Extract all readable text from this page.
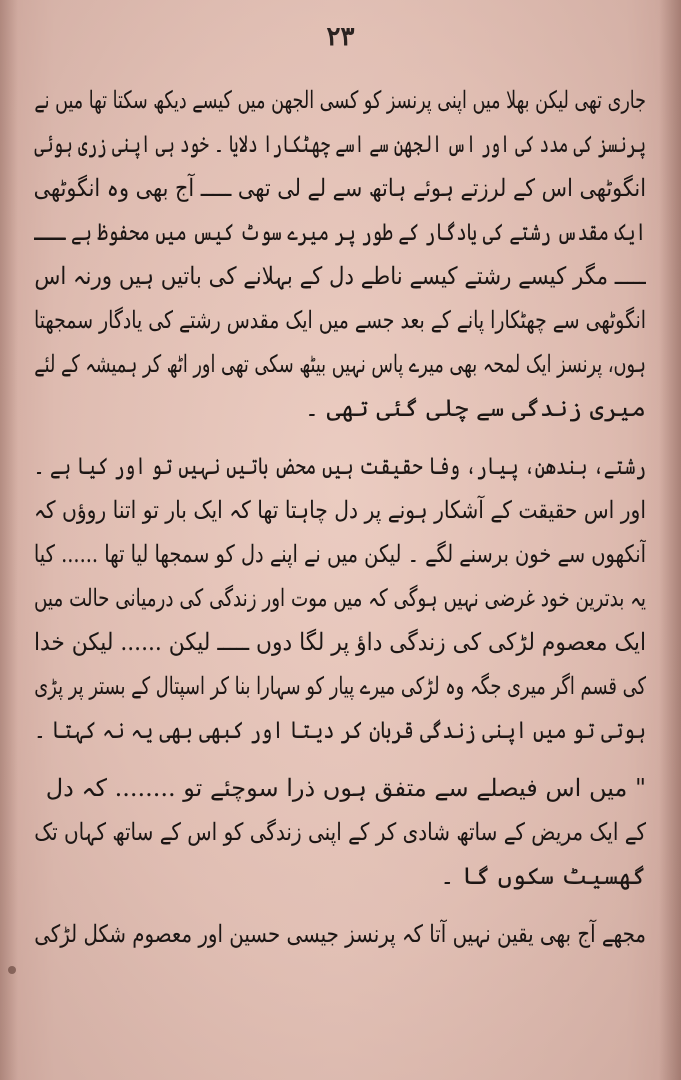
۲۳
جاری تھی لیکن بھلا میں اپنی پرنسز کو کسی الجھن میں کیسے دیکھ سکتا تھا میں نے
پرنسز کی مدد کی اور اس الجھن سے اسے چھٹکارا دلایا ۔ خود ہی اپنی زری ہوئی
انگوٹھی اس کے لرزتے ہوئے ہاتھ سے لے لی تھی ـــــ آج بھی وہ انگوٹھی
ایک مقدس رشتے کی یادگار کے طور پر میرے سوٹ کیس میں محفوظ ہے ـــ
ـــــ مگر کیسے رشتے کیسے ناطے دل کے بہلانے کی باتیں ہیں ورنہ اس
انگوٹھی سے چھٹکارا پانے کے بعد جسے میں ایک مقدس رشتے کی یادگار سمجھتا
ہوں، پرنسز ایک لمحہ بھی میرے پاس نہیں بیٹھ سکی تھی اور اٹھ کر ہمیشہ کے لئے
میری زندگی سے چلی گئی تھی ۔
رشتے، بندھن، پیار، وفا حقیقت ہیں محض باتیں نہیں تو اور کیا ہے ۔
اور اس حقیقت کے آشکار ہونے پر دل چاہتا تھا کہ ایک بار تو اتنا روؤں کہ
آنکھوں سے خون برسنے لگے ۔ لیکن میں نے اپنے دل کو سمجھا لیا تھا ...... کیا
یہ بدترین خود غرضی نہیں ہوگی کہ میں موت اور زندگی کی درمیانی حالت میں
ایک معصوم لڑکی کی زندگی داؤ پر لگا دوں ـــــ لیکن ...... لیکن خدا
کی قسم اگر میری جگہ وہ لڑکی میرے پیار کو سہارا بنا کر اسپتال کے بستر پر پڑی
ہوتی تو میں اپنی زندگی قربان کر دیتا اور کبھی بھی یہ نہ کہتا ۔
" میں اس فیصلے سے متفق ہوں ذرا سوچئے تو ........ کہ دل
کے ایک مریض کے ساتھ شادی کر کے اپنی زندگی کو اس کے ساتھ کہاں تک
گھسیٹ سکوں گا ۔
مجھے آج بھی یقین نہیں آتا کہ پرنسز جیسی حسین اور معصوم شکل لڑکی
